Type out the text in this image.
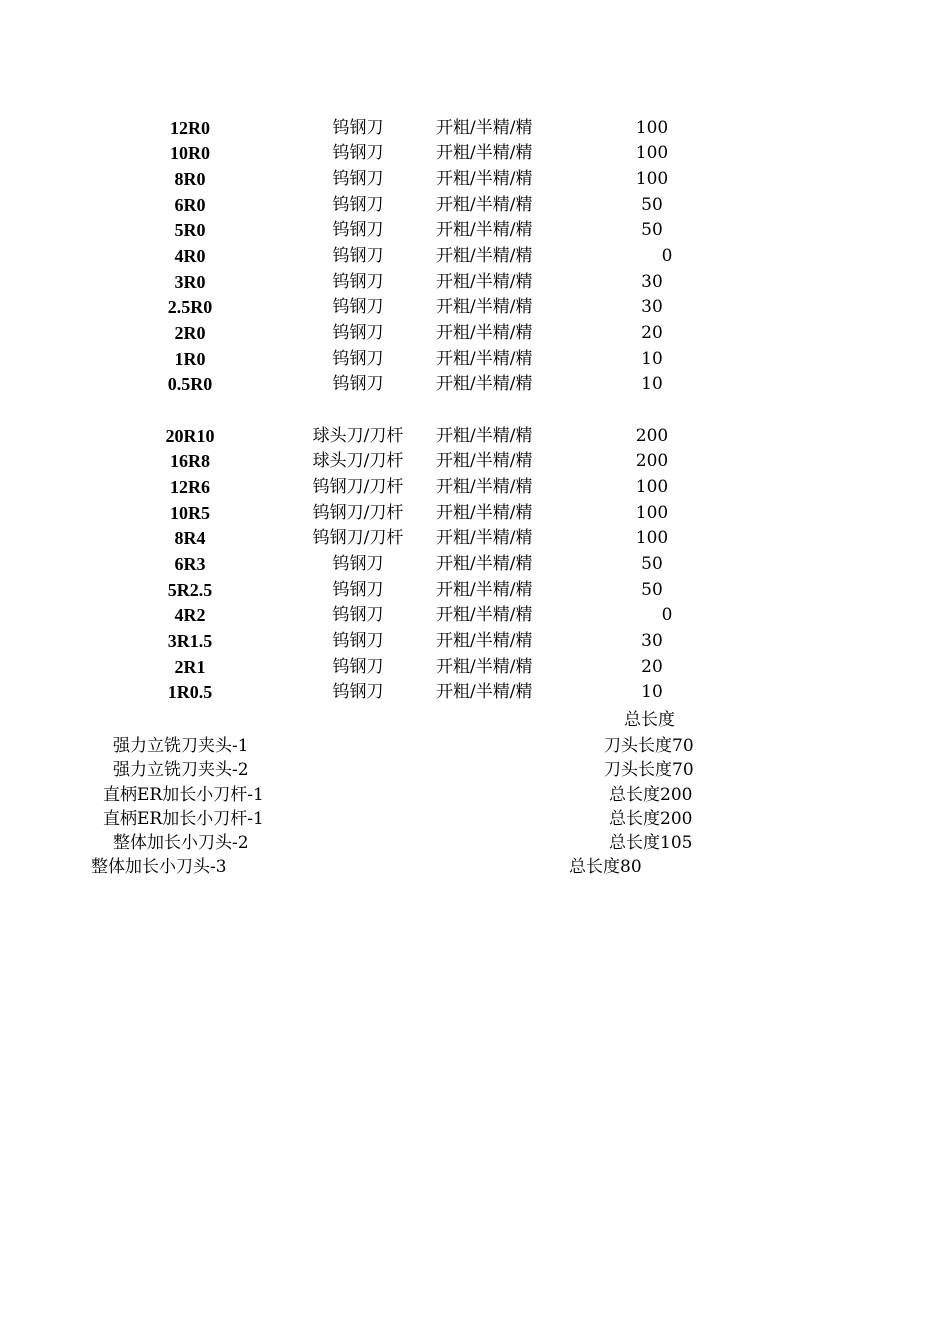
12R0	钨钢刀	开粗/半精/精	100
10R0	钨钢刀	开粗/半精/精	100
8R0	钨钢刀	开粗/半精/精	100
6R0	钨钢刀	开粗/半精/精	50
5R0	钨钢刀	开粗/半精/精	50
4R0	钨钢刀	开粗/半精/精	0
3R0	钨钢刀	开粗/半精/精	30
2.5R0	钨钢刀	开粗/半精/精	30
2R0	钨钢刀	开粗/半精/精	20
1R0	钨钢刀	开粗/半精/精	10
0.5R0	钨钢刀	开粗/半精/精	10
20R10	球头刀/刀杆	开粗/半精/精	200
16R8	球头刀/刀杆	开粗/半精/精	200
12R6	钨钢刀/刀杆	开粗/半精/精	100
10R5	钨钢刀/刀杆	开粗/半精/精	100
8R4	钨钢刀/刀杆	开粗/半精/精	100
6R3	钨钢刀	开粗/半精/精	50
5R2.5	钨钢刀	开粗/半精/精	50
4R2	钨钢刀	开粗/半精/精	0
3R1.5	钨钢刀	开粗/半精/精	30
2R1	钨钢刀	开粗/半精/精	20
1R0.5	钨钢刀	开粗/半精/精	10
总长度
强力立铣刀夹头-1	刀头长度70
强力立铣刀夹头-2	刀头长度70
直柄ER加长小刀杆-1	总长度200
直柄ER加长小刀杆-1	总长度200
整体加长小刀头-2	总长度105
整体加长小刀头-3	总长度80
